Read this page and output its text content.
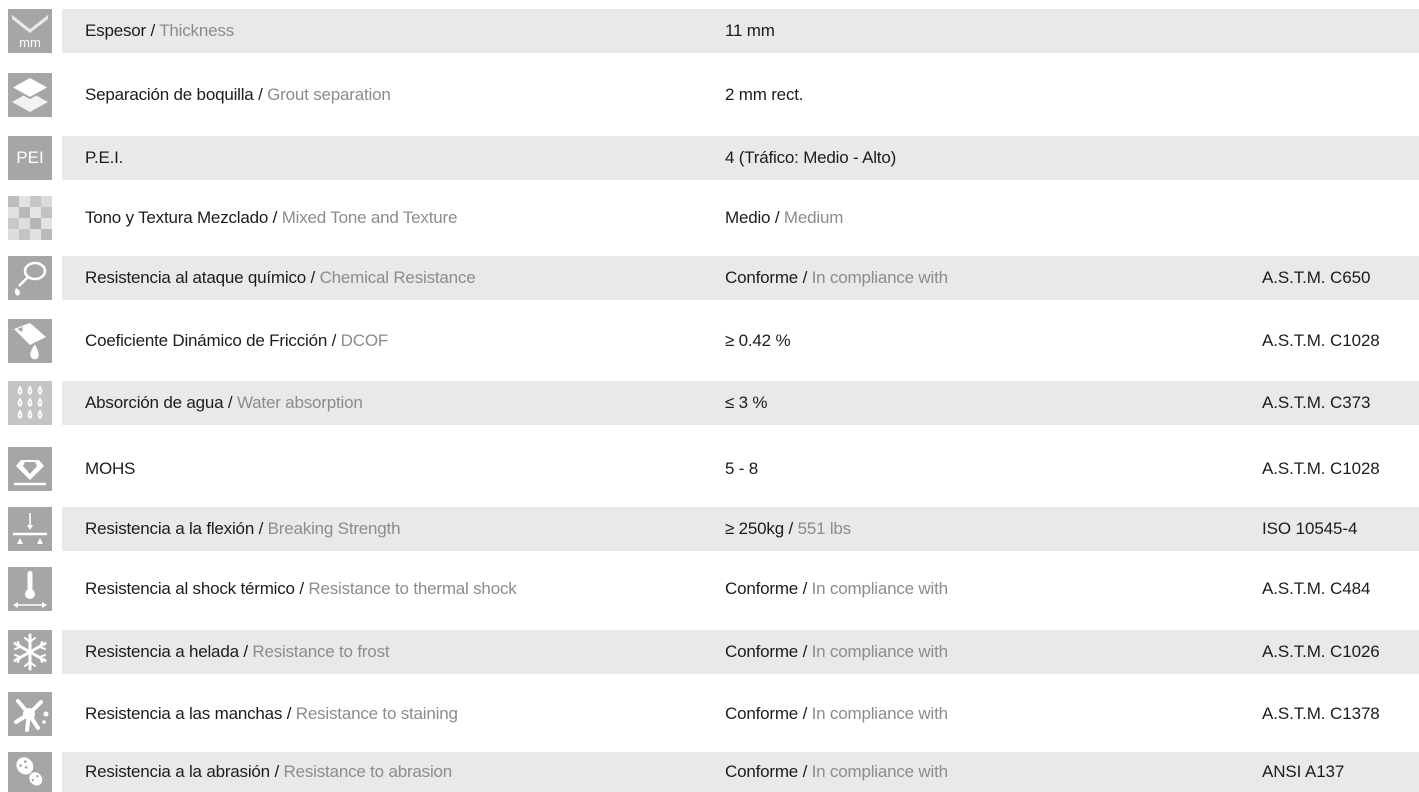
mm
Espesor / Thickness	11 mm
Separación de boquilla / Grout separation	2 mm rect.
PEI P.E.I.	4 (Tráfico: Medio - Alto)
Tono y Textura Mezclado / Mixed Tone and Texture	Medio / Medium
Resistencia al ataque químico / Chemical Resistance	Conforme / In compliance with	A.S.T.M. C650
Coeficiente Dinámico de Fricción / DCOF	≥ 0.42 %	A.S.T.M. C1028
Absorción de agua / Water absorption	≤ 3 %	A.S.T.M. C373
MOHS	5 - 8	A.S.T.M. C1028
Resistencia a la flexión / Breaking Strength	≥ 250kg / 551 lbs	ISO 10545-4
Resistencia al shock térmico / Resistance to thermal shock	Conforme / In compliance with	A.S.T.M. C484
Resistencia a helada / Resistance to frost	Conforme / In compliance with	A.S.T.M. C1026
Resistencia a las manchas / Resistance to staining	Conforme / In compliance with	A.S.T.M. C1378
Resistencia a la abrasión / Resistance to abrasion	Conforme / In compliance with	ANSI A137
